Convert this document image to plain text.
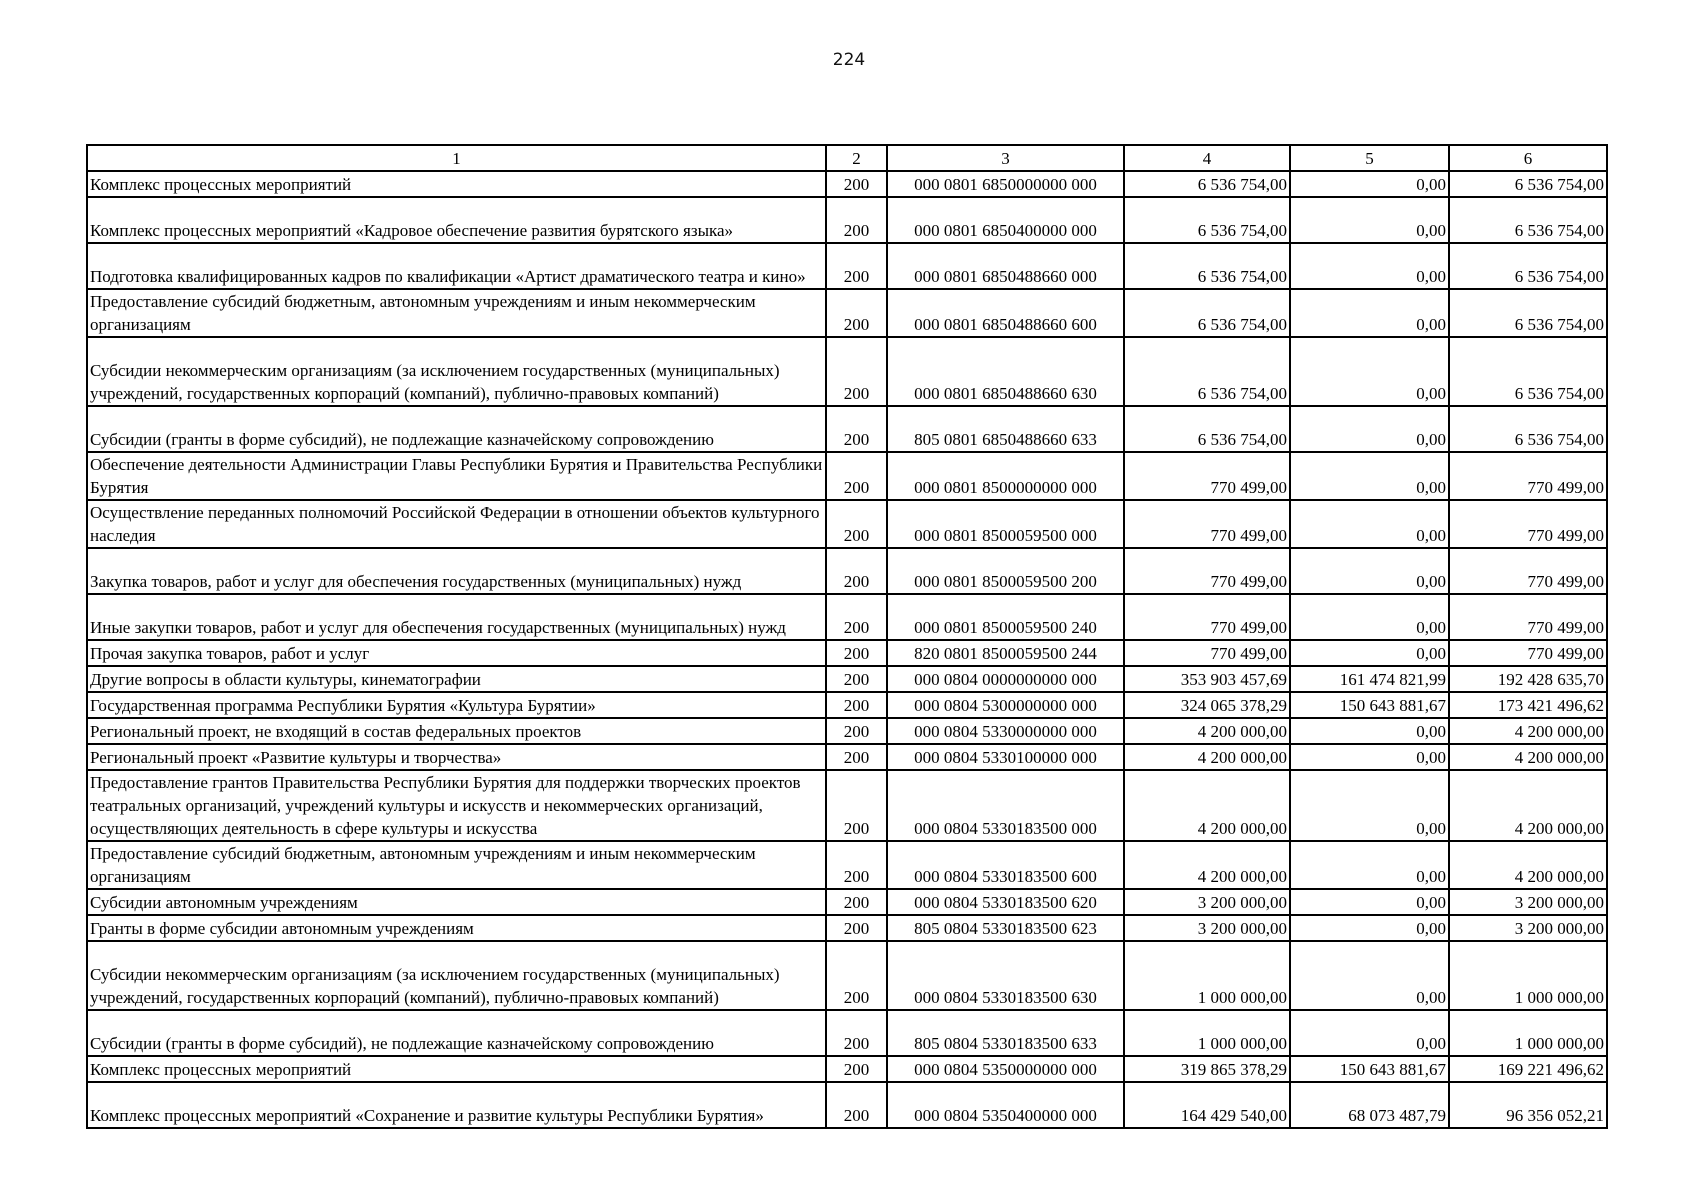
224
1	2	3	4	5	6
Комплекс процессных мероприятий	200	000 0801 6850000000 000	6 536 754,00	0,00	6 536 754,00
Комплекс процессных мероприятий «Кадровое обеспечение развития бурятского языка»	200	000 0801 6850400000 000	6 536 754,00	0,00	6 536 754,00
Подготовка квалифицированных кадров по квалификации «Артист драматического театра и кино»	200	000 0801 6850488660 000	6 536 754,00	0,00	6 536 754,00
Предоставление субсидий бюджетным, автономным учреждениям и иным некоммерческим организациям	200	000 0801 6850488660 600	6 536 754,00	0,00	6 536 754,00
Субсидии некоммерческим организациям (за исключением государственных (муниципальных) учреждений, государственных корпораций (компаний), публично-правовых компаний)	200	000 0801 6850488660 630	6 536 754,00	0,00	6 536 754,00
Субсидии (гранты в форме субсидий), не подлежащие казначейскому сопровождению	200	805 0801 6850488660 633	6 536 754,00	0,00	6 536 754,00
Обеспечение деятельности Администрации Главы Республики Бурятия и Правительства Республики Бурятия	200	000 0801 8500000000 000	770 499,00	0,00	770 499,00
Осуществление переданных полномочий Российской Федерации в отношении объектов культурного наследия	200	000 0801 8500059500 000	770 499,00	0,00	770 499,00
Закупка товаров, работ и услуг для обеспечения государственных (муниципальных) нужд	200	000 0801 8500059500 200	770 499,00	0,00	770 499,00
Иные закупки товаров, работ и услуг для обеспечения государственных (муниципальных) нужд	200	000 0801 8500059500 240	770 499,00	0,00	770 499,00
Прочая закупка товаров, работ и услуг	200	820 0801 8500059500 244	770 499,00	0,00	770 499,00
Другие вопросы в области культуры, кинематографии	200	000 0804 0000000000 000	353 903 457,69	161 474 821,99	192 428 635,70
Государственная программа Республики Бурятия «Культура Бурятии»	200	000 0804 5300000000 000	324 065 378,29	150 643 881,67	173 421 496,62
Региональный проект, не входящий в состав федеральных проектов	200	000 0804 5330000000 000	4 200 000,00	0,00	4 200 000,00
Региональный проект «Развитие культуры и творчества»	200	000 0804 5330100000 000	4 200 000,00	0,00	4 200 000,00
Предоставление грантов Правительства Республики Бурятия для поддержки творческих проектов театральных организаций, учреждений культуры и искусств и некоммерческих организаций, осуществляющих деятельность в сфере культуры и искусства	200	000 0804 5330183500 000	4 200 000,00	0,00	4 200 000,00
Предоставление субсидий бюджетным, автономным учреждениям и иным некоммерческим организациям	200	000 0804 5330183500 600	4 200 000,00	0,00	4 200 000,00
Субсидии автономным учреждениям	200	000 0804 5330183500 620	3 200 000,00	0,00	3 200 000,00
Гранты в форме субсидии автономным учреждениям	200	805 0804 5330183500 623	3 200 000,00	0,00	3 200 000,00
Субсидии некоммерческим организациям (за исключением государственных (муниципальных) учреждений, государственных корпораций (компаний), публично-правовых компаний)	200	000 0804 5330183500 630	1 000 000,00	0,00	1 000 000,00
Субсидии (гранты в форме субсидий), не подлежащие казначейскому сопровождению	200	805 0804 5330183500 633	1 000 000,00	0,00	1 000 000,00
Комплекс процессных мероприятий	200	000 0804 5350000000 000	319 865 378,29	150 643 881,67	169 221 496,62
Комплекс процессных мероприятий «Сохранение и развитие культуры Республики Бурятия»	200	000 0804 5350400000 000	164 429 540,00	68 073 487,79	96 356 052,21
